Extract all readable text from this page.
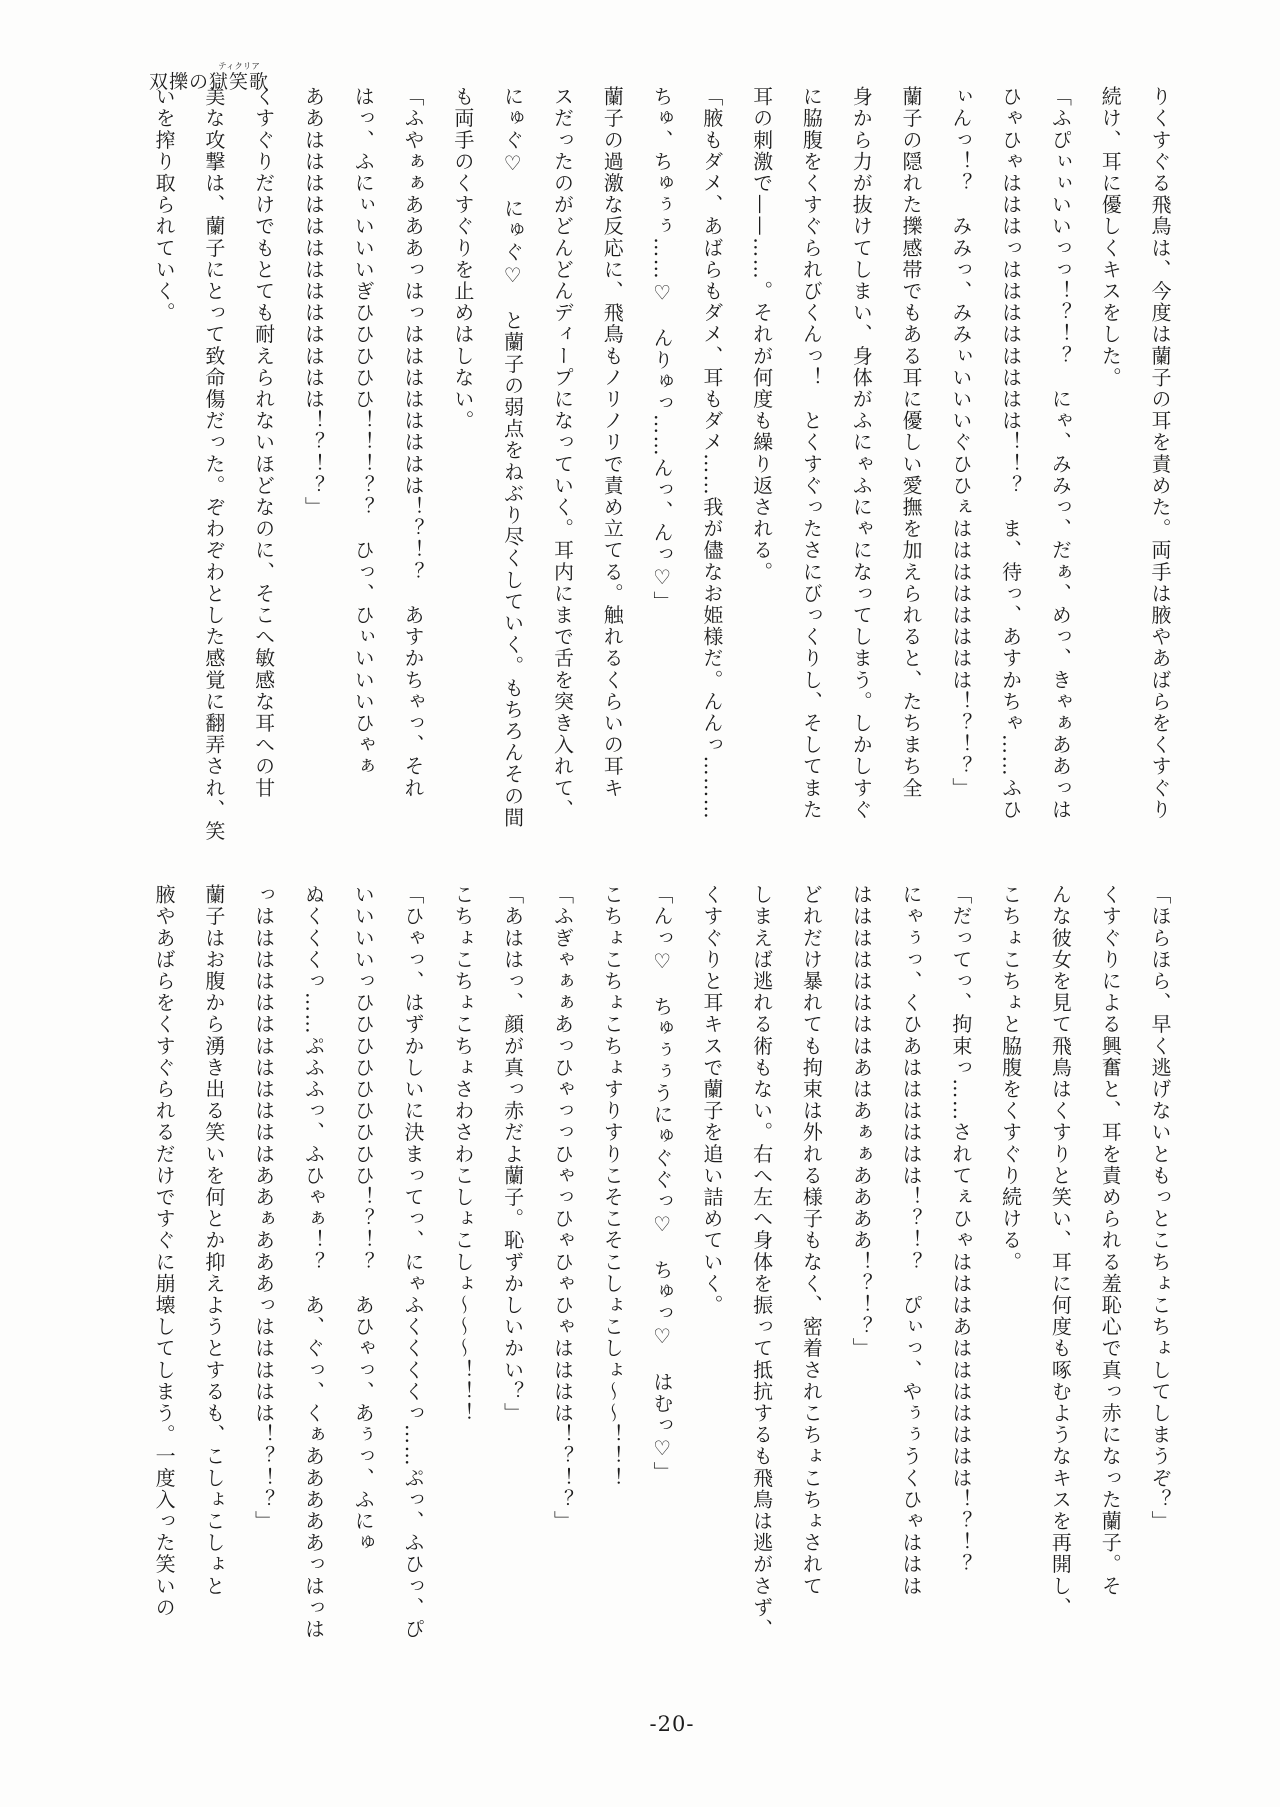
双擽の獄笑歌ティクリア

りくすぐる飛鳥は、今度は蘭子の耳を責めた。両手は腋やあばらをくすぐり

続け、耳に優しくキスをした。

「ふぴぃぃいいっっ！？！？　にゃ、みみっ、だぁ、めっ、きゃぁああっは

ひゃひゃはははっはははははははは！！？　ま、待っ、あすかちゃ……ふひ

ぃんっ！？　みみっ、みみぃいいいぐひひぇはははははははは！？！？」

蘭子の隠れた擽感帯でもある耳に優しい愛撫を加えられると、たちまち全

身から力が抜けてしまい、身体がふにゃふにゃになってしまう。しかしすぐ

に脇腹をくすぐられびくんっ！　とくすぐったさにびっくりし、そしてまた

耳の刺激で——……。それが何度も繰り返される。

「腋もダメ、あばらもダメ、耳もダメ……我が儘なお姫様だ。んんっ………

ちゅ、ちゅぅぅ……♡　んりゅっ……んっ、んっ♡」

蘭子の過激な反応に、飛鳥もノリノリで責め立てる。触れるくらいの耳キ

スだったのがどんどんディープになっていく。耳内にまで舌を突き入れて、

にゅぐ♡　にゅぐ♡　と蘭子の弱点をねぶり尽くしていく。もちろんその間

も両手のくすぐりを止めはしない。

「ふやぁぁあああっはっはははははははは！？！？　あすかちゃっ、それ

はっ、ふにぃいいいぎひひひひひ！！！？？　ひっ、ひぃいいいひゃぁ

ああははははははははははははは！？！？」

くすぐりだけでもとても耐えられないほどなのに、そこへ敏感な耳への甘

美な攻撃は、蘭子にとって致命傷だった。ぞわぞわとした感覚に翻弄され、笑

いを搾り取られていく。

「ほらほら、早く逃げないともっとこちょこちょしてしまうぞ？」

くすぐりによる興奮と、耳を責められる羞恥心で真っ赤になった蘭子。そ

んな彼女を見て飛鳥はくすりと笑い、耳に何度も啄むようなキスを再開し、

こちょこちょと脇腹をくすぐり続ける。

「だってっ、拘束っ……されてぇひゃはははあははははははは！？！？

にゃぅっ、くひあはははははは！？！？　ぴぃっ、やぅぅうくひゃははは

ははははははははあはあぁぁああああ！？！？」

どれだけ暴れても拘束は外れる様子もなく、密着されこちょこちょされて

しまえば逃れる術もない。右へ左へ身体を振って抵抗するも飛鳥は逃がさず、

くすぐりと耳キスで蘭子を追い詰めていく。

「んっ♡　ちゅぅぅうにゅぐぐっ♡　ちゅっ♡　はむっ♡」

こちょこちょこちょすりすりこそこそこしょこしょ〜〜！！！

「ふぎゃぁぁあっひゃっっひゃっひゃひゃひゃはははは！？！？」

「あははっ、顔が真っ赤だよ蘭子。恥ずかしいかい？」

こちょこちょこちょさわさわこしょこしょ〜〜〜！！！

「ひゃっ、はずかしいに決まってっ、にゃふくくくくっ……ぷっ、ふひっ、ぴ

いいいいっひひひひひひひひひ！？！？　あひゃっ、あぅっ、ふにゅ

ぬくくくっ……ぷふふっ、ふひゃぁ！？　あ、ぐっ、くぁあああああっはっは

っははははははははははははああぁあああっははははは！？！？」

蘭子はお腹から湧き出る笑いを何とか抑えようとするも、こしょこしょと

腋やあばらをくすぐられるだけですぐに崩壊してしまう。一度入った笑いの

-20-
